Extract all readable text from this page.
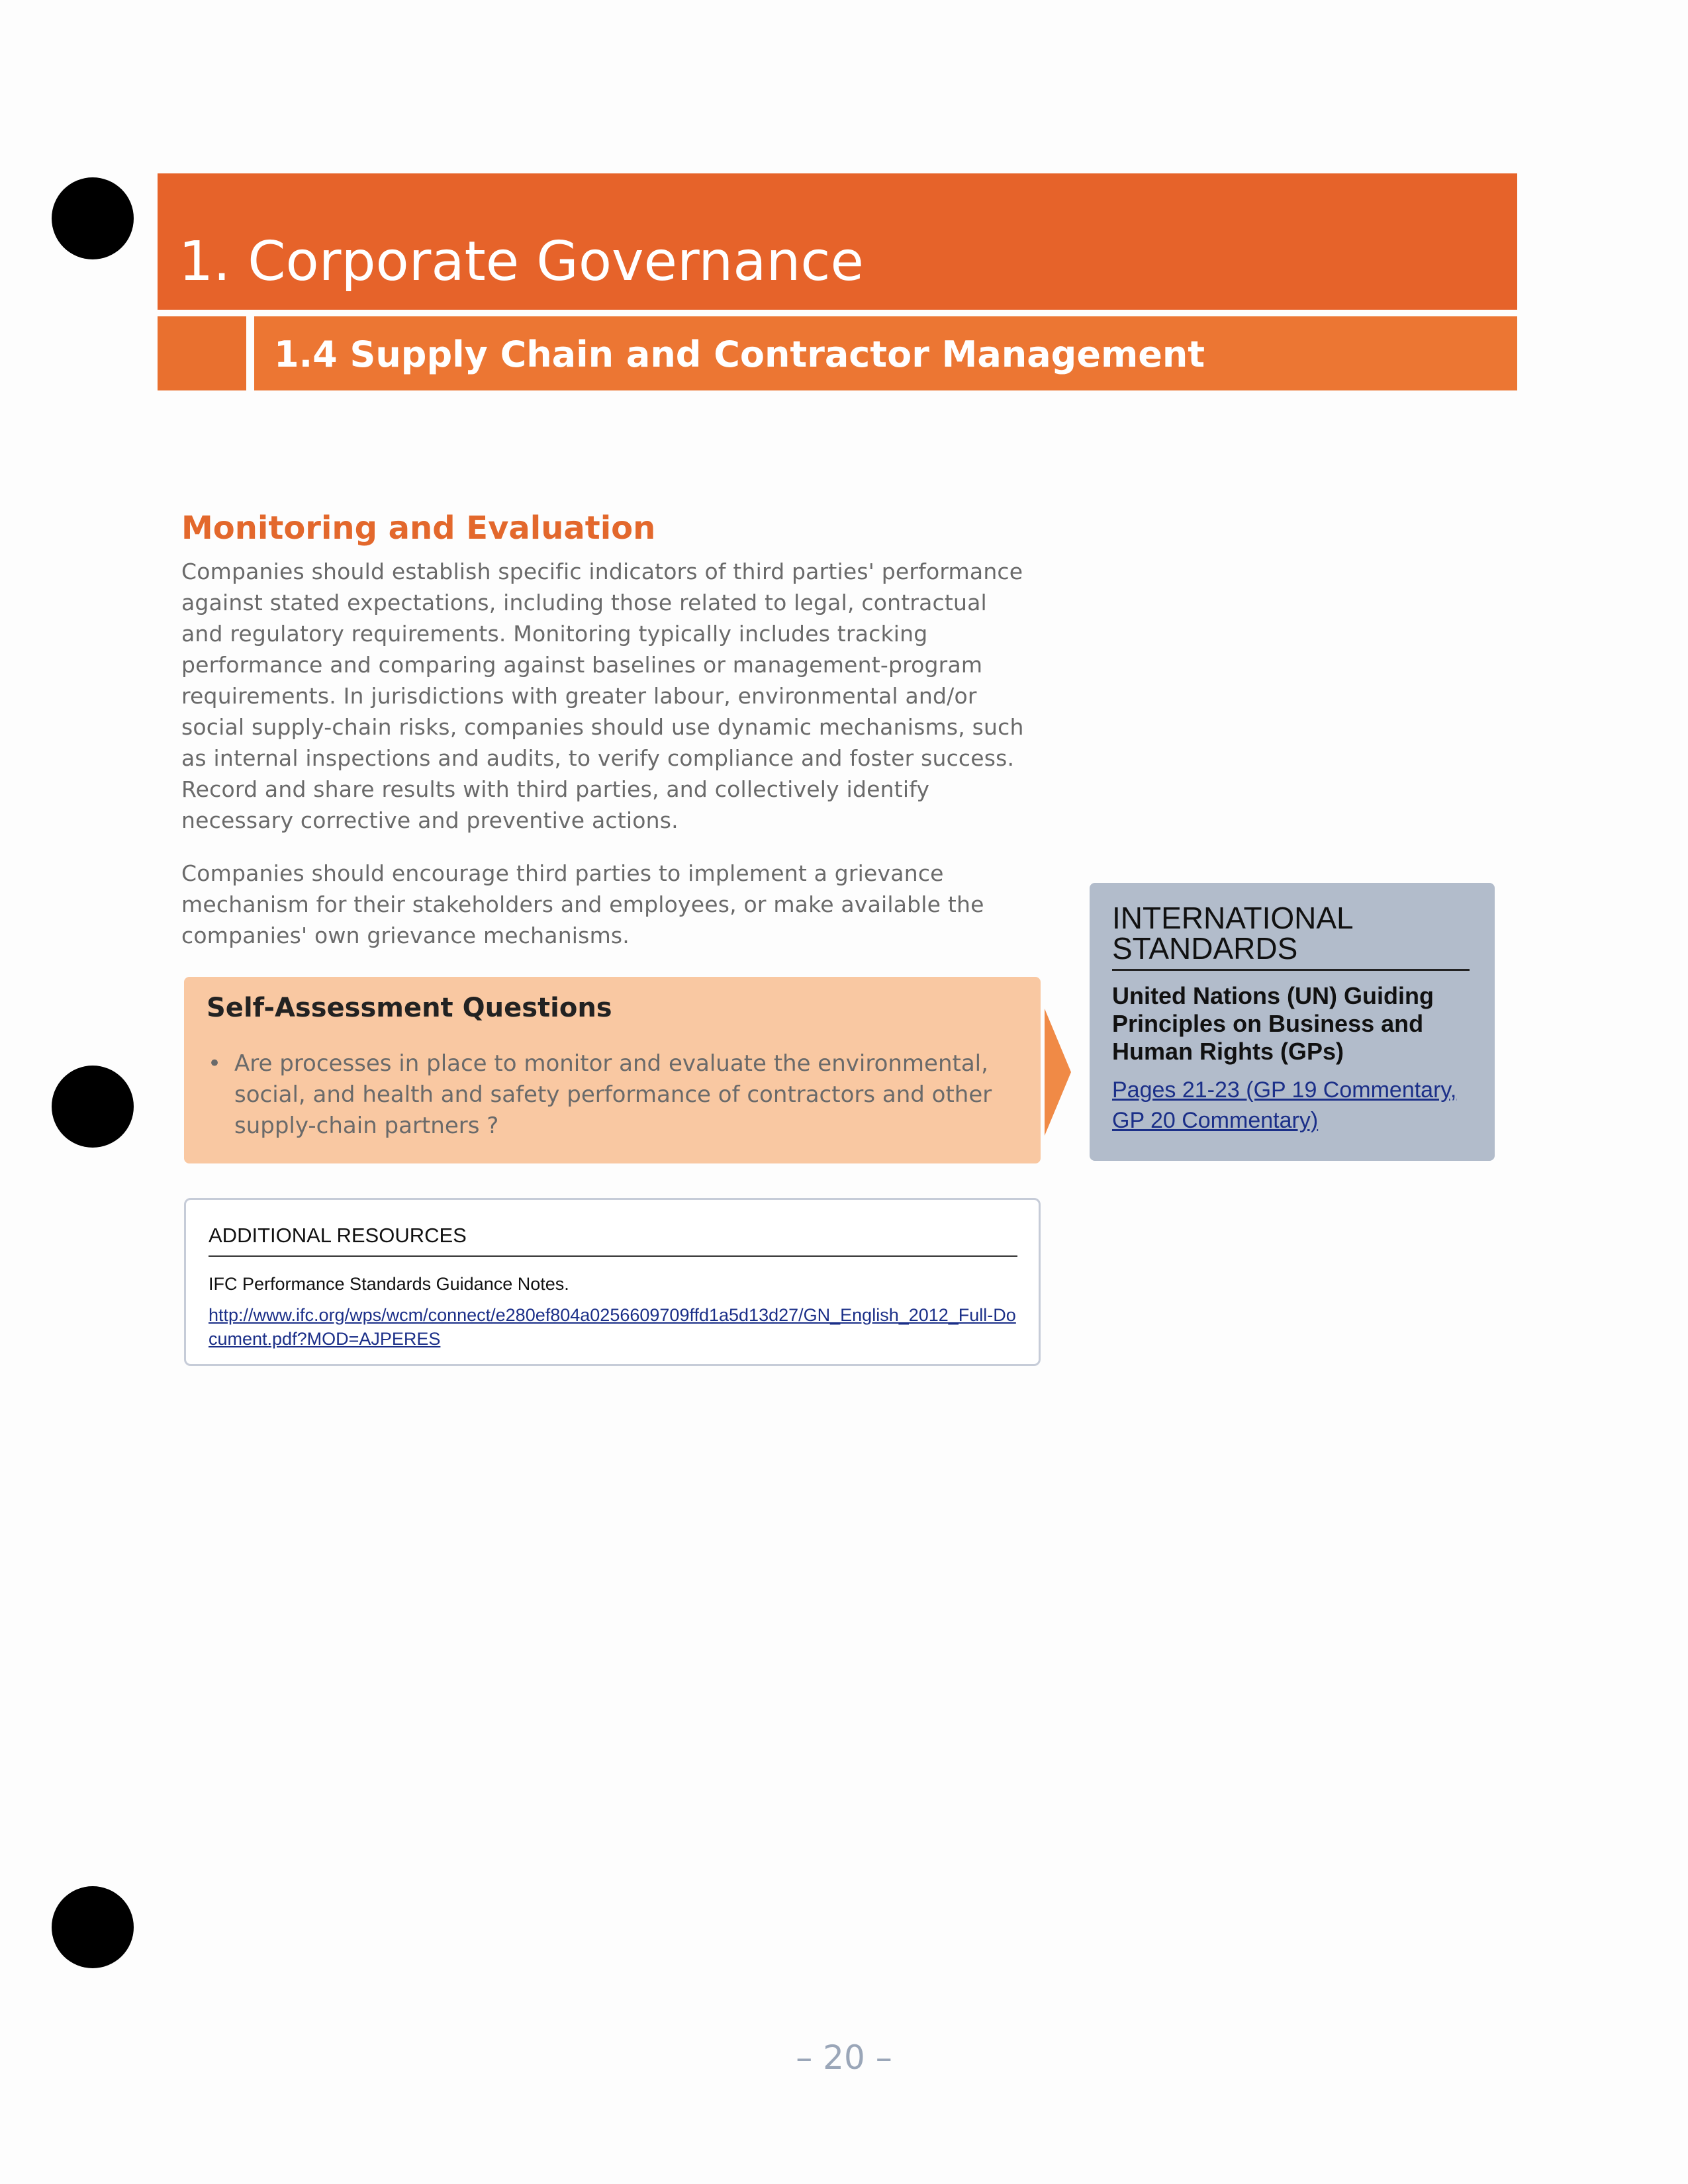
1. Corporate Governance
1.4 Supply Chain and Contractor Management
Monitoring and Evaluation
Companies should establish specific indicators of third parties' performance against stated expectations, including those related to legal, contractual and regulatory requirements. Monitoring typically includes tracking performance and comparing against baselines or management-program requirements. In jurisdictions with greater labour, environmental and/or social supply-chain risks, companies should use dynamic mechanisms, such as internal inspections and audits, to verify compliance and foster success. Record and share results with third parties, and collectively identify necessary corrective and preventive actions.
Companies should encourage third parties to implement a grievance mechanism for their stakeholders and employees, or make available the companies' own grievance mechanisms.
Self-Assessment Questions
• Are processes in place to monitor and evaluate the environmental, social, and health and safety performance of contractors and other supply-chain partners ?
INTERNATIONAL STANDARDS
United Nations (UN) Guiding Principles on Business and Human Rights (GPs)
Pages 21-23 (GP 19 Commentary, GP 20 Commentary)
ADDITIONAL RESOURCES
IFC Performance Standards Guidance Notes.
http://www.ifc.org/wps/wcm/connect/e280ef804a0256609709ffd1a5d13d27/GN_English_2012_Full-Document.pdf?MOD=AJPERES
– 20 –
